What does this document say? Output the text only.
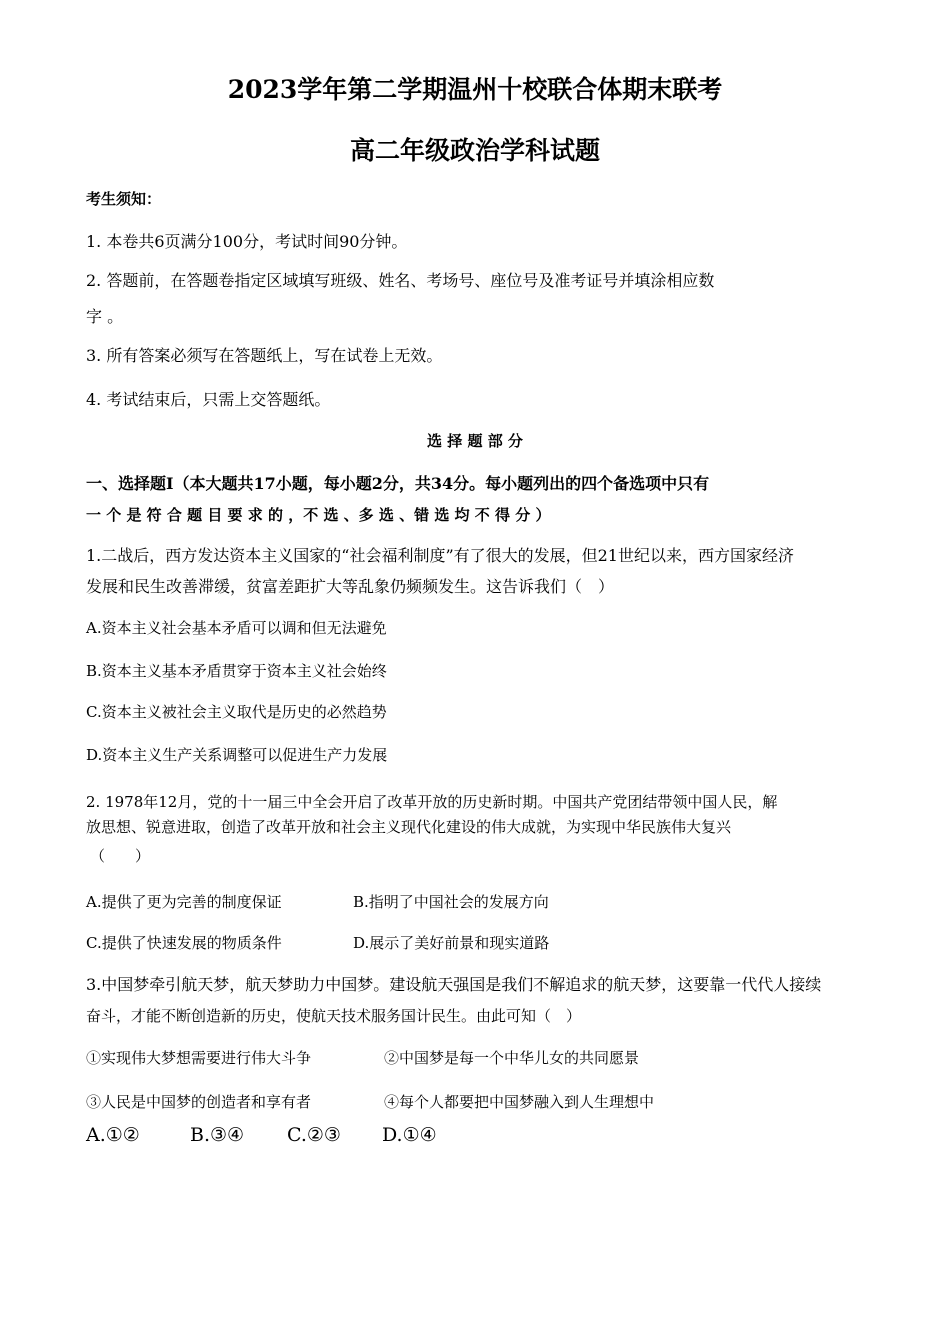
2023学年第二学期温州十校联合体期末联考
高二年级政治学科试题
考生须知：
1. 本卷共6页满分100分，考试时间90分钟。
2. 答题前，在答题卷指定区域填写班级、姓名、考场号、座位号及准考证号并填涂相应数
字 。
3. 所有答案必须写在答题纸上，写在试卷上无效。
4. 考试结束后，只需上交答题纸。
选 择 题 部 分
一、选择题Ⅰ（本大题共17小题，每小题2分，共34分。每小题列出的四个备选项中只有
一 个 是 符 合 题 目 要 求 的 ，不 选 、多 选 、错 选 均 不 得 分 ）
1.二战后，西方发达资本主义国家的“社会福利制度”有了很大的发展，但21世纪以来，西方国家经济
发展和民生改善滞缓，贫富差距扩大等乱象仍频频发生。这告诉我们（　）
A.资本主义社会基本矛盾可以调和但无法避免
B.资本主义基本矛盾贯穿于资本主义社会始终
C.资本主义被社会主义取代是历史的必然趋势
D.资本主义生产关系调整可以促进生产力发展
2. 1978年12月，党的十一届三中全会开启了改革开放的历史新时期。中国共产党团结带领中国人民，解
放思想、锐意进取，创造了改革开放和社会主义现代化建设的伟大成就，为实现中华民族伟大复兴
（　　）
A.提供了更为完善的制度保证	B.指明了中国社会的发展方向
C.提供了快速发展的物质条件	D.展示了美好前景和现实道路
3.中国梦牵引航天梦，航天梦助力中国梦。建设航天强国是我们不解追求的航天梦，这要靠一代代人接续
奋斗，才能不断创造新的历史，使航天技术服务国计民生。由此可知（　）
①实现伟大梦想需要进行伟大斗争	②中国梦是每一个中华儿女的共同愿景
③人民是中国梦的创造者和享有者	④每个人都要把中国梦融入到人生理想中
A.①②	B.③④ C.②③ D.①④
